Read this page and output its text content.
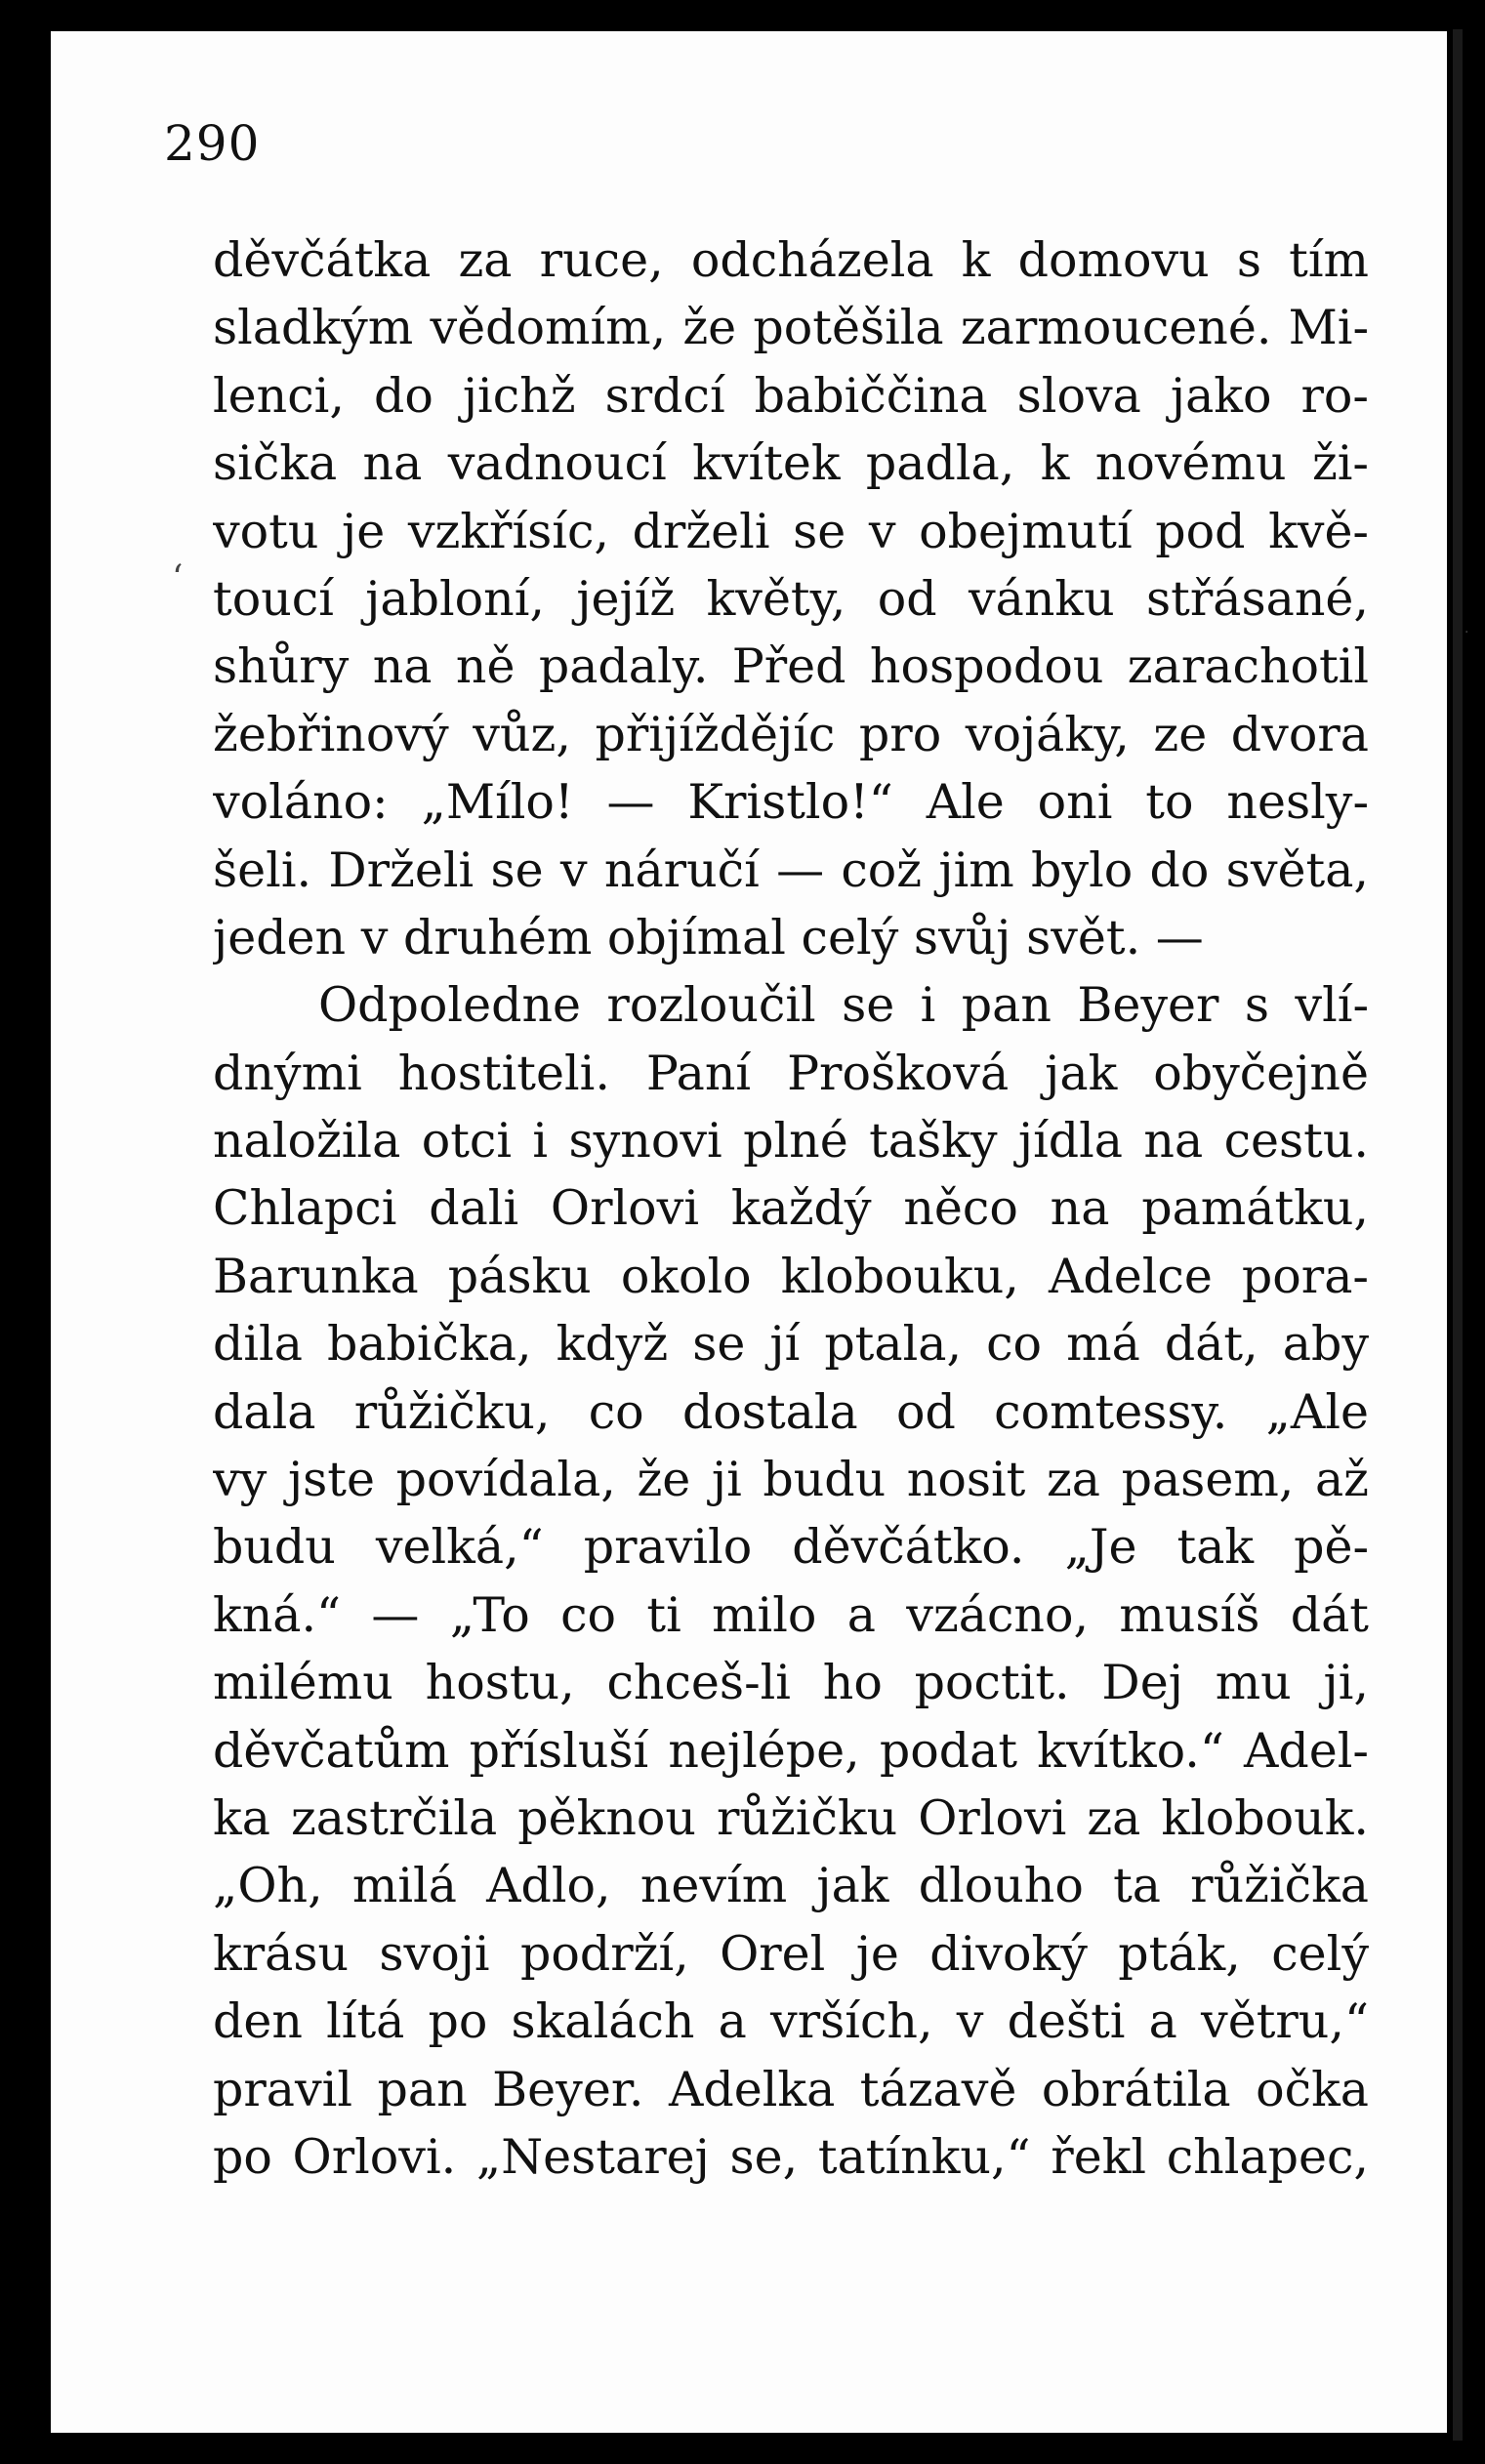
290
ʻ
·
děvčátka za ruce, odcházela k domovu s tím
sladkým vědomím, že potěšila zarmoucené. Mi-
lenci, do jichž srdcí babiččina slova jako ro-
sička na vadnoucí kvítek padla, k novému ži-
votu je vzkřísíc, drželi se v obejmutí pod kvě-
toucí jabloní, jejíž květy, od vánku střásané,
shůry na ně padaly. Před hospodou zarachotil
žebřinový vůz, přijíždějíc pro vojáky, ze dvora
voláno: „Mílo! — Kristlo!“ Ale oni to nesly-
šeli. Drželi se v náručí — což jim bylo do světa,
jeden v druhém objímal celý svůj svět. —
Odpoledne rozloučil se i pan Beyer s vlí-
dnými hostiteli. Paní Prošková jak obyčejně
naložila otci i synovi plné tašky jídla na cestu.
Chlapci dali Orlovi každý něco na památku,
Barunka pásku okolo klobouku, Adelce pora-
dila babička, když se jí ptala, co má dát, aby
dala růžičku, co dostala od comtessy. „Ale
vy jste povídala, že ji budu nosit za pasem, až
budu velká,“ pravilo děvčátko. „Je tak pě-
kná.“ — „To co ti milo a vzácno, musíš dát
milému hostu, chceš-li ho poctit. Dej mu ji,
děvčatům přísluší nejlépe, podat kvítko.“ Adel-
ka zastrčila pěknou růžičku Orlovi za klobouk.
„Oh, milá Adlo, nevím jak dlouho ta růžička
krásu svoji podrží, Orel je divoký pták, celý
den lítá po skalách a vrších, v dešti a větru,“
pravil pan Beyer. Adelka tázavě obrátila očka
po Orlovi. „Nestarej se, tatínku,“ řekl chlapec,
